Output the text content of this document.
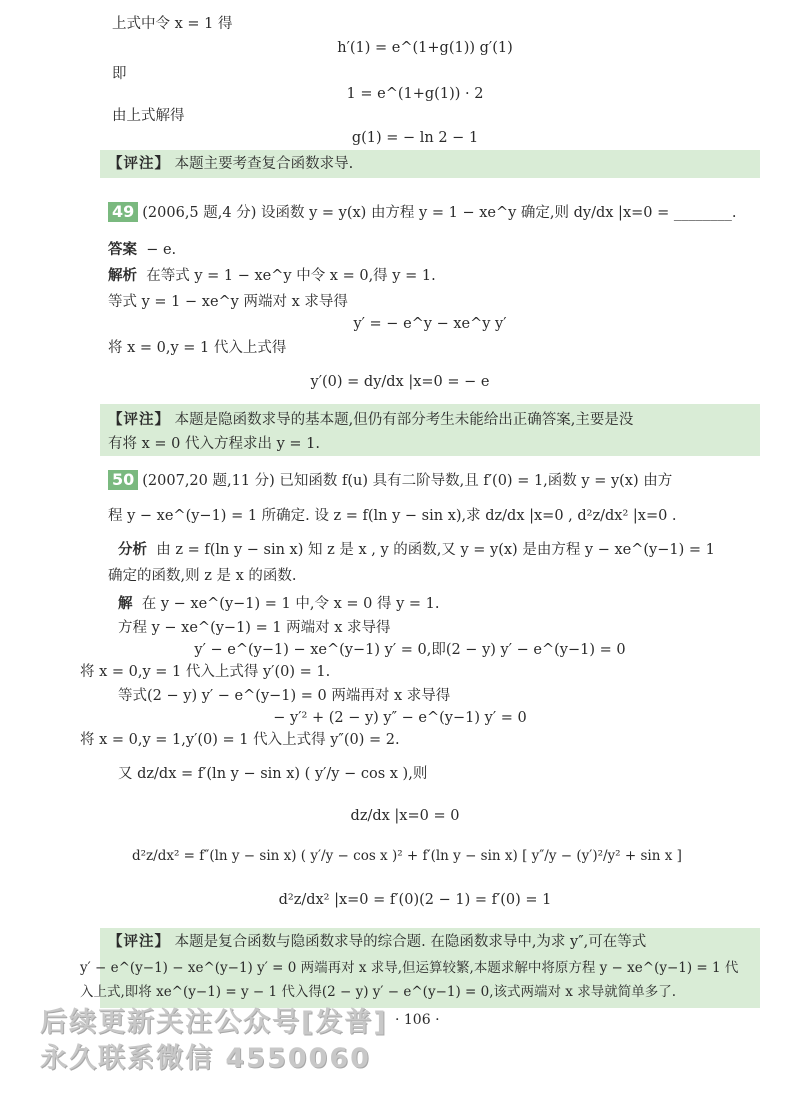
上式中令 x = 1 得
h′(1) = e^(1+g(1)) g′(1)
即
1 = e^(1+g(1)) · 2
由上式解得
g(1) = − ln 2 − 1
【评注】 本题主要考查复合函数求导.
49 (2006,5 题,4 分) 设函数 y = y(x) 由方程 y = 1 − xe^y 确定,则 dy/dx |x=0 = ________.
答案 − e.
解析 在等式 y = 1 − xe^y 中令 x = 0,得 y = 1.
等式 y = 1 − xe^y 两端对 x 求导得
y′ = − e^y − xe^y y′
将 x = 0,y = 1 代入上式得
y′(0) = dy/dx |x=0 = − e
【评注】 本题是隐函数求导的基本题,但仍有部分考生未能给出正确答案,主要是没
有将 x = 0 代入方程求出 y = 1.
50 (2007,20 题,11 分) 已知函数 f(u) 具有二阶导数,且 f′(0) = 1,函数 y = y(x) 由方
程 y − xe^(y−1) = 1 所确定. 设 z = f(ln y − sin x),求 dz/dx |x=0 , d²z/dx² |x=0 .
分析 由 z = f(ln y − sin x) 知 z 是 x , y 的函数,又 y = y(x) 是由方程 y − xe^(y−1) = 1
确定的函数,则 z 是 x 的函数.
解 在 y − xe^(y−1) = 1 中,令 x = 0 得 y = 1.
方程 y − xe^(y−1) = 1 两端对 x 求导得
y′ − e^(y−1) − xe^(y−1) y′ = 0,即(2 − y) y′ − e^(y−1) = 0
将 x = 0,y = 1 代入上式得 y′(0) = 1.
等式(2 − y) y′ − e^(y−1) = 0 两端再对 x 求导得
− y′² + (2 − y) y″ − e^(y−1) y′ = 0
将 x = 0,y = 1,y′(0) = 1 代入上式得 y″(0) = 2.
又 dz/dx = f′(ln y − sin x) ( y′/y − cos x ),则
dz/dx |x=0 = 0
d²z/dx² = f″(ln y − sin x) ( y′/y − cos x )² + f′(ln y − sin x) [ y″/y − (y′)²/y² + sin x ]
d²z/dx² |x=0 = f′(0)(2 − 1) = f′(0) = 1
【评注】 本题是复合函数与隐函数求导的综合题. 在隐函数求导中,为求 y″,可在等式
y′ − e^(y−1) − xe^(y−1) y′ = 0 两端再对 x 求导,但运算较繁,本题求解中将原方程 y − xe^(y−1) = 1 代
入上式,即将 xe^(y−1) = y − 1 代入得(2 − y) y′ − e^(y−1) = 0,该式两端对 x 求导就简单多了.
· 106 ·
后续更新关注公众号[发普]
永久联系微信 4550060
